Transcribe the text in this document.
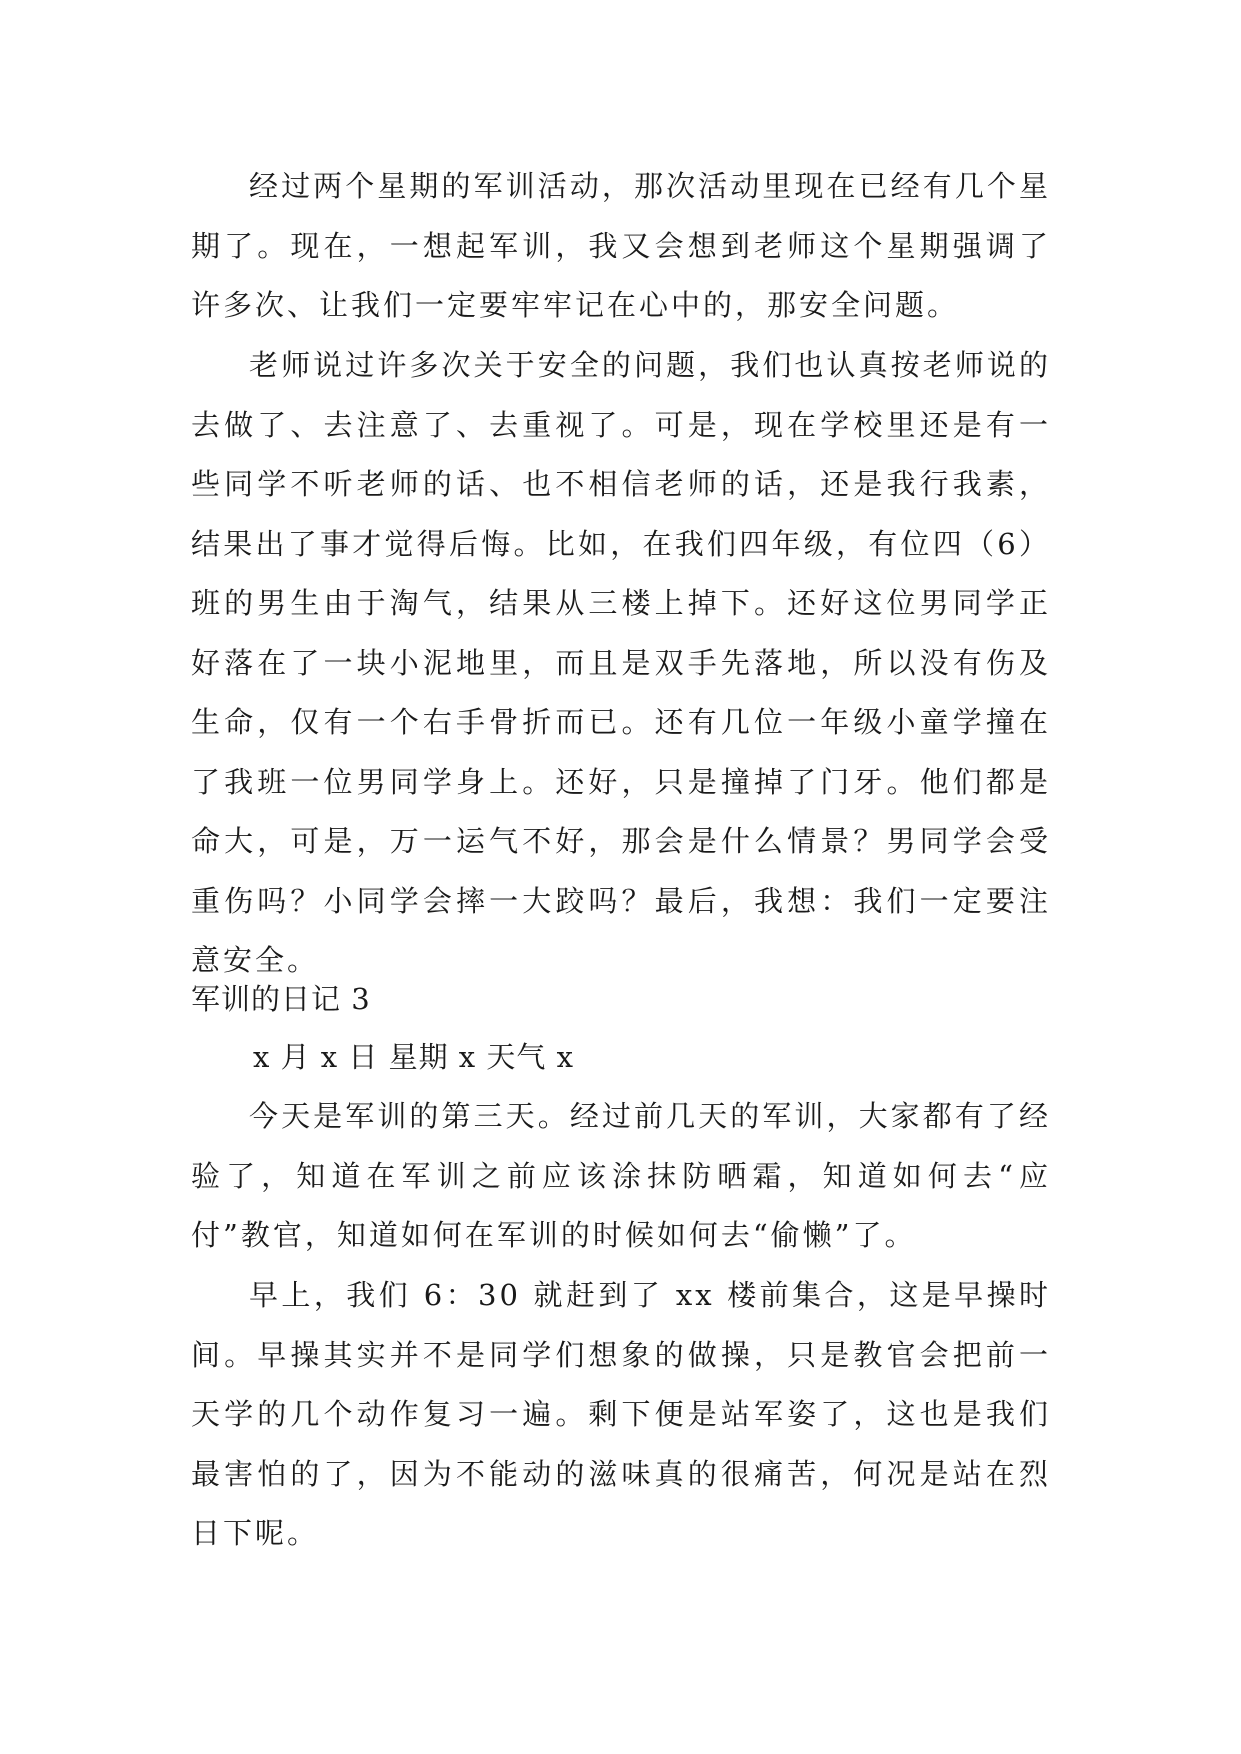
经过两个星期的军训活动，那次活动里现在已经有几个星期了。现在，一想起军训，我又会想到老师这个星期强调了许多次、让我们一定要牢牢记在心中的，那安全问题。

老师说过许多次关于安全的问题，我们也认真按老师说的去做了、去注意了、去重视了。可是，现在学校里还是有一些同学不听老师的话、也不相信老师的话，还是我行我素，结果出了事才觉得后悔。比如，在我们四年级，有位四（6）班的男生由于淘气，结果从三楼上掉下。还好这位男同学正好落在了一块小泥地里，而且是双手先落地，所以没有伤及生命，仅有一个右手骨折而已。还有几位一年级小童学撞在了我班一位男同学身上。还好，只是撞掉了门牙。他们都是命大，可是，万一运气不好，那会是什么情景？男同学会受重伤吗？小同学会摔一大跤吗？最后，我想：我们一定要注意安全。

军训的日记 3
x 月 x 日 星期 x 天气 x

今天是军训的第三天。经过前几天的军训，大家都有了经验了，知道在军训之前应该涂抹防晒霜，知道如何去“应付”教官，知道如何在军训的时候如何去“偷懒”了。

早上，我们 6：30 就赶到了 xx 楼前集合，这是早操时间。早操其实并不是同学们想象的做操，只是教官会把前一天学的几个动作复习一遍。剩下便是站军姿了，这也是我们最害怕的了，因为不能动的滋味真的很痛苦，何况是站在烈日下呢。
